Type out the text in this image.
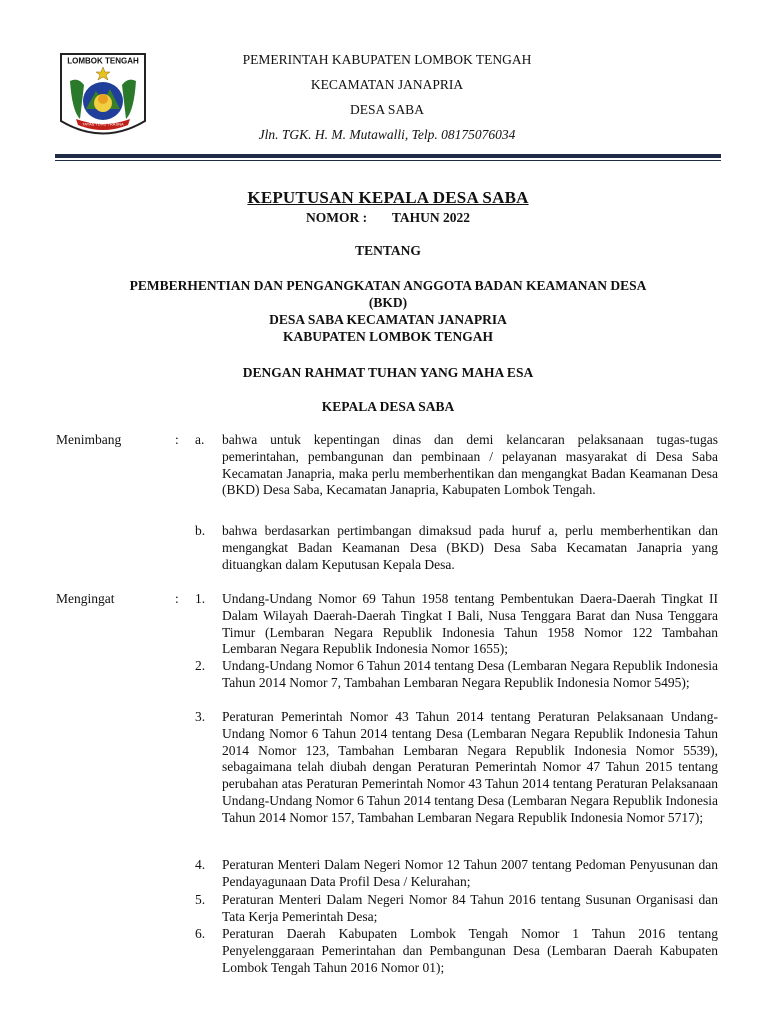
LOMBOK TENGAH
TATAS TUHU TRASNA
PEMERINTAH KABUPATEN LOMBOK TENGAH
KECAMATAN JANAPRIA
DESA SABA
Jln. TGK. H. M. Mutawalli, Telp. 08175076034
KEPUTUSAN KEPALA DESA SABA
NOMOR : TAHUN 2022
TENTANG
PEMBERHENTIAN DAN PENGANGKATAN ANGGOTA BADAN KEAMANAN DESA
(BKD)
DESA SABA KECAMATAN JANAPRIA
KABUPATEN LOMBOK TENGAH
DENGAN RAHMAT TUHAN YANG MAHA ESA
KEPALA DESA SABA
Menimbang	: a. bahwa untuk kepentingan dinas dan demi kelancaran pelaksanaan tugas-tugas pemerintahan, pembangunan dan pembinaan / pelayanan masyarakat di Desa Saba Kecamatan Janapria, maka perlu memberhentikan dan mengangkat Badan Keamanan Desa (BKD) Desa Saba, Kecamatan Janapria, Kabupaten Lombok Tengah.
b. bahwa berdasarkan pertimbangan dimaksud pada huruf a, perlu memberhentikan dan mengangkat Badan Keamanan Desa (BKD) Desa Saba Kecamatan Janapria yang dituangkan dalam Keputusan Kepala Desa.
Mengingat	: 1. Undang-Undang Nomor 69 Tahun 1958 tentang Pembentukan Daera-Daerah Tingkat II Dalam Wilayah Daerah-Daerah Tingkat I Bali, Nusa Tenggara Barat dan Nusa Tenggara Timur (Lembaran Negara Republik Indonesia Tahun 1958 Nomor 122 Tambahan Lembaran Negara Republik Indonesia Nomor 1655);
2. Undang-Undang Nomor 6 Tahun 2014 tentang Desa (Lembaran Negara Republik Indonesia Tahun 2014 Nomor 7, Tambahan Lembaran Negara Republik Indonesia Nomor 5495);
3. Peraturan Pemerintah Nomor 43 Tahun 2014 tentang Peraturan Pelaksanaan Undang-Undang Nomor 6 Tahun 2014 tentang Desa (Lembaran Negara Republik Indonesia Tahun 2014 Nomor 123, Tambahan Lembaran Negara Republik Indonesia Nomor 5539), sebagaimana telah diubah dengan Peraturan Pemerintah Nomor 47 Tahun 2015 tentang perubahan atas Peraturan Pemerintah Nomor 43 Tahun 2014 tentang Peraturan Pelaksanaan Undang-Undang Nomor 6 Tahun 2014 tentang Desa (Lembaran Negara Republik Indonesia Tahun 2014 Nomor 157, Tambahan Lembaran Negara Republik Indonesia Nomor 5717);
4. Peraturan Menteri Dalam Negeri Nomor 12 Tahun 2007 tentang Pedoman Penyusunan dan Pendayagunaan Data Profil Desa / Kelurahan;
5. Peraturan Menteri Dalam Negeri Nomor 84 Tahun 2016 tentang Susunan Organisasi dan Tata Kerja Pemerintah Desa;
6. Peraturan Daerah Kabupaten Lombok Tengah Nomor 1 Tahun 2016 tentang Penyelenggaraan Pemerintahan dan Pembangunan Desa (Lembaran Daerah Kabupaten Lombok Tengah Tahun 2016 Nomor 01);
